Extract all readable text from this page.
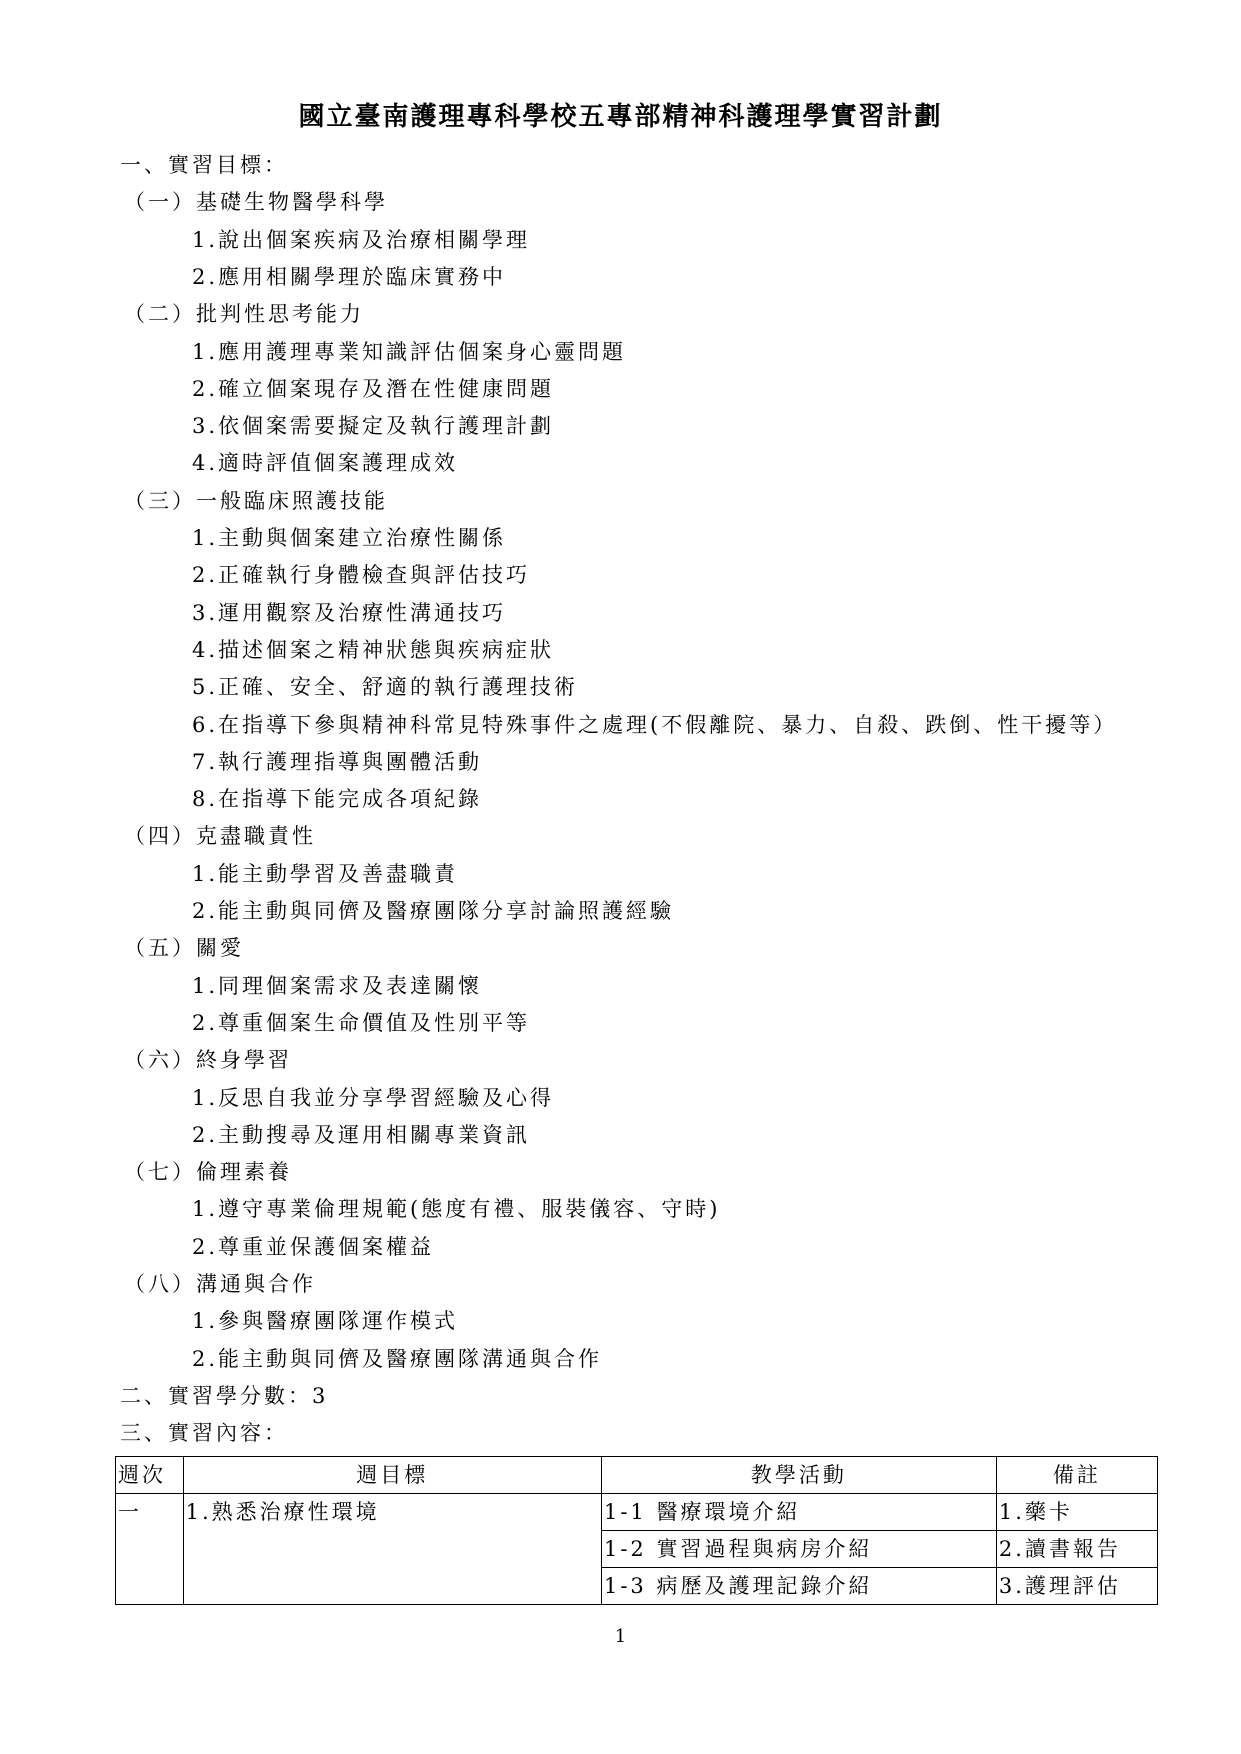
國立臺南護理專科學校五專部精神科護理學實習計劃
一、實習目標：
（一）基礎生物醫學科學
1.說出個案疾病及治療相關學理
2.應用相關學理於臨床實務中
（二）批判性思考能力
1.應用護理專業知識評估個案身心靈問題
2.確立個案現存及潛在性健康問題
3.依個案需要擬定及執行護理計劃
4.適時評值個案護理成效
（三）一般臨床照護技能
1.主動與個案建立治療性關係
2.正確執行身體檢查與評估技巧
3.運用觀察及治療性溝通技巧
4.描述個案之精神狀態與疾病症狀
5.正確、安全、舒適的執行護理技術
6.在指導下參與精神科常見特殊事件之處理(不假離院、暴力、自殺、跌倒、性干擾等）
7.執行護理指導與團體活動
8.在指導下能完成各項紀錄
（四）克盡職責性
1.能主動學習及善盡職責
2.能主動與同儕及醫療團隊分享討論照護經驗
（五）關愛
1.同理個案需求及表達關懷
2.尊重個案生命價值及性別平等
（六）終身學習
1.反思自我並分享學習經驗及心得
2.主動搜尋及運用相關專業資訊
（七）倫理素養
1.遵守專業倫理規範(態度有禮、服裝儀容、守時)
2.尊重並保護個案權益
（八）溝通與合作
1.參與醫療團隊運作模式
2.能主動與同儕及醫療團隊溝通與合作
二、實習學分數：3
三、實習內容：
週次	週目標	教學活動	備註
一	1.熟悉治療性環境	1-1 醫療環境介紹	1.藥卡
		1-2 實習過程與病房介紹	2.讀書報告
		1-3 病歷及護理記錄介紹	3.護理評估
1
